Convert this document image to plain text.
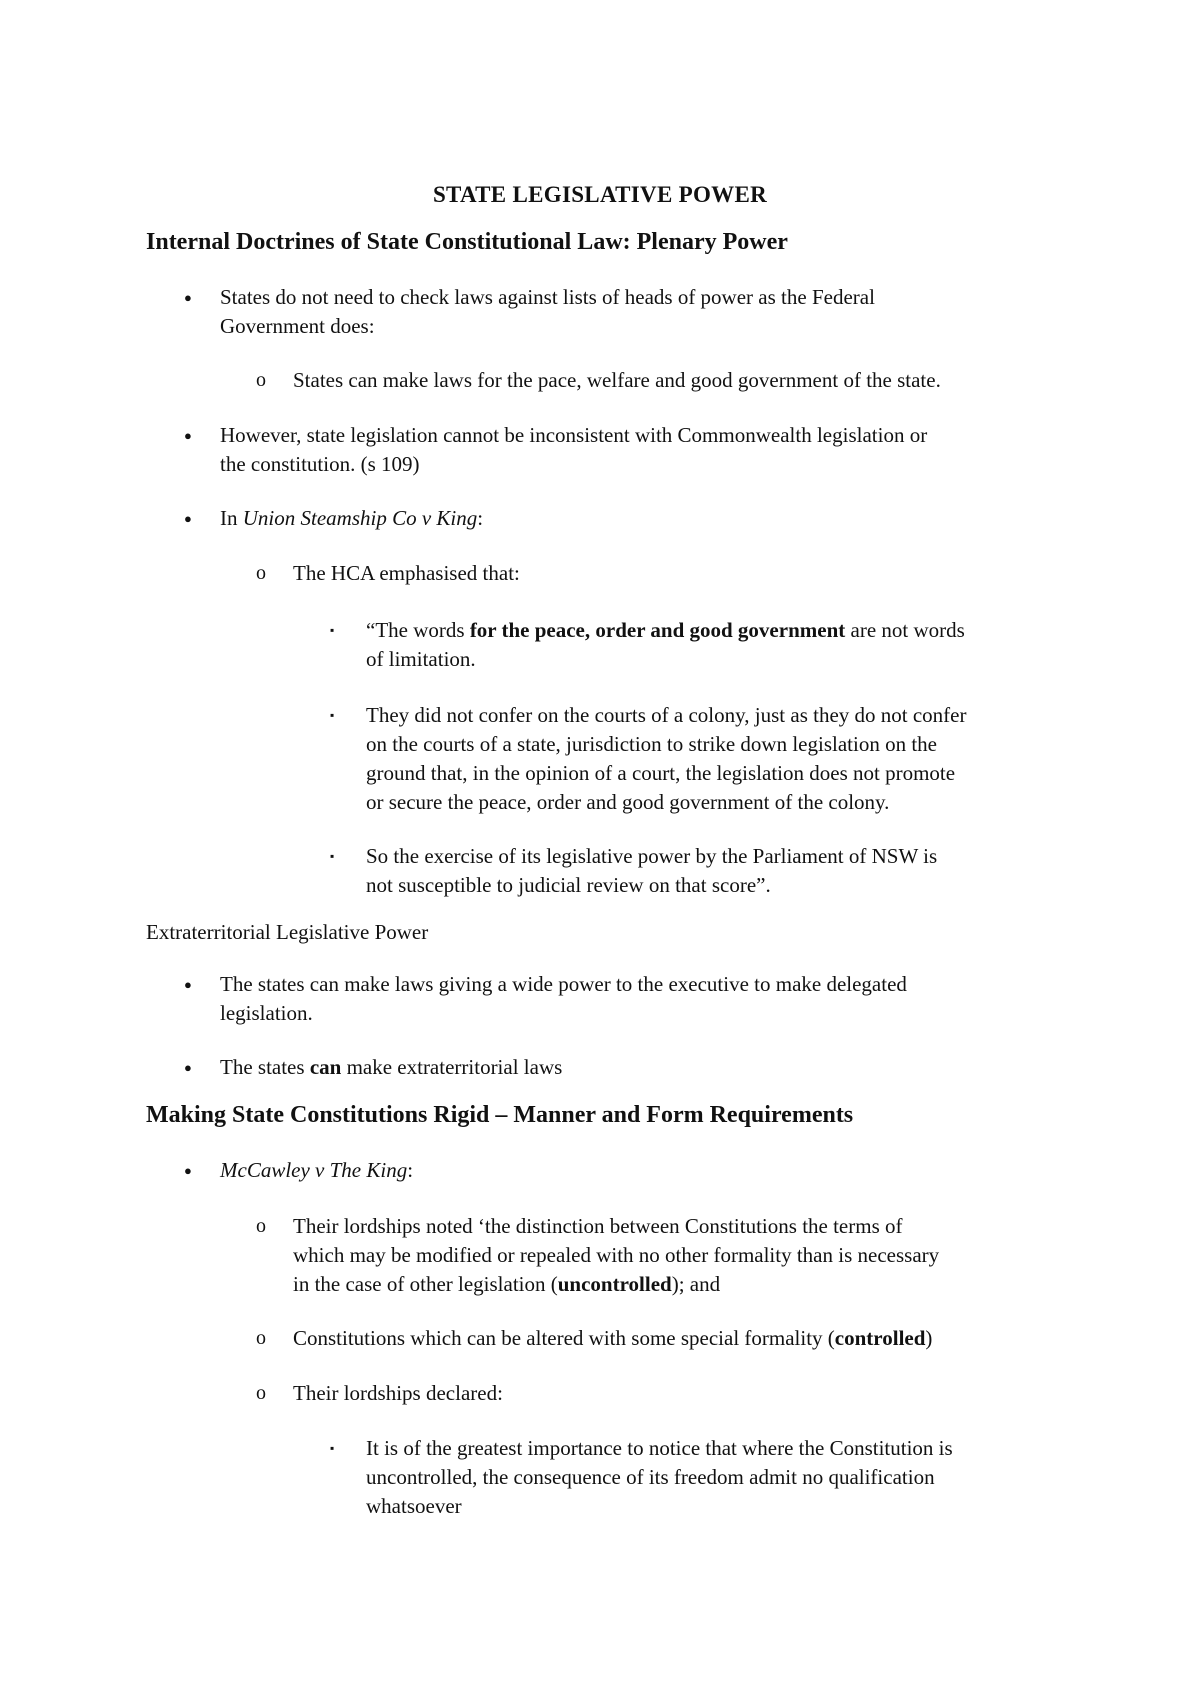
STATE LEGISLATIVE POWER
Internal Doctrines of State Constitutional Law: Plenary Power
● States do not need to check laws against lists of heads of power as the Federal
Government does:
o States can make laws for the pace, welfare and good government of the state.
● However, state legislation cannot be inconsistent with Commonwealth legislation or
the constitution. (s 109)
● In Union Steamship Co v King:
o The HCA emphasised that:
▪ “The words for the peace, order and good government are not words
of limitation.
▪ They did not confer on the courts of a colony, just as they do not confer
on the courts of a state, jurisdiction to strike down legislation on the
ground that, in the opinion of a court, the legislation does not promote
or secure the peace, order and good government of the colony.
▪ So the exercise of its legislative power by the Parliament of NSW is
not susceptible to judicial review on that score”.
Extraterritorial Legislative Power
● The states can make laws giving a wide power to the executive to make delegated
legislation.
● The states can make extraterritorial laws
Making State Constitutions Rigid – Manner and Form Requirements
● McCawley v The King:
o Their lordships noted ‘the distinction between Constitutions the terms of
which may be modified or repealed with no other formality than is necessary
in the case of other legislation (uncontrolled); and
o Constitutions which can be altered with some special formality (controlled)
o Their lordships declared:
▪ It is of the greatest importance to notice that where the Constitution is
uncontrolled, the consequence of its freedom admit no qualification
whatsoever
